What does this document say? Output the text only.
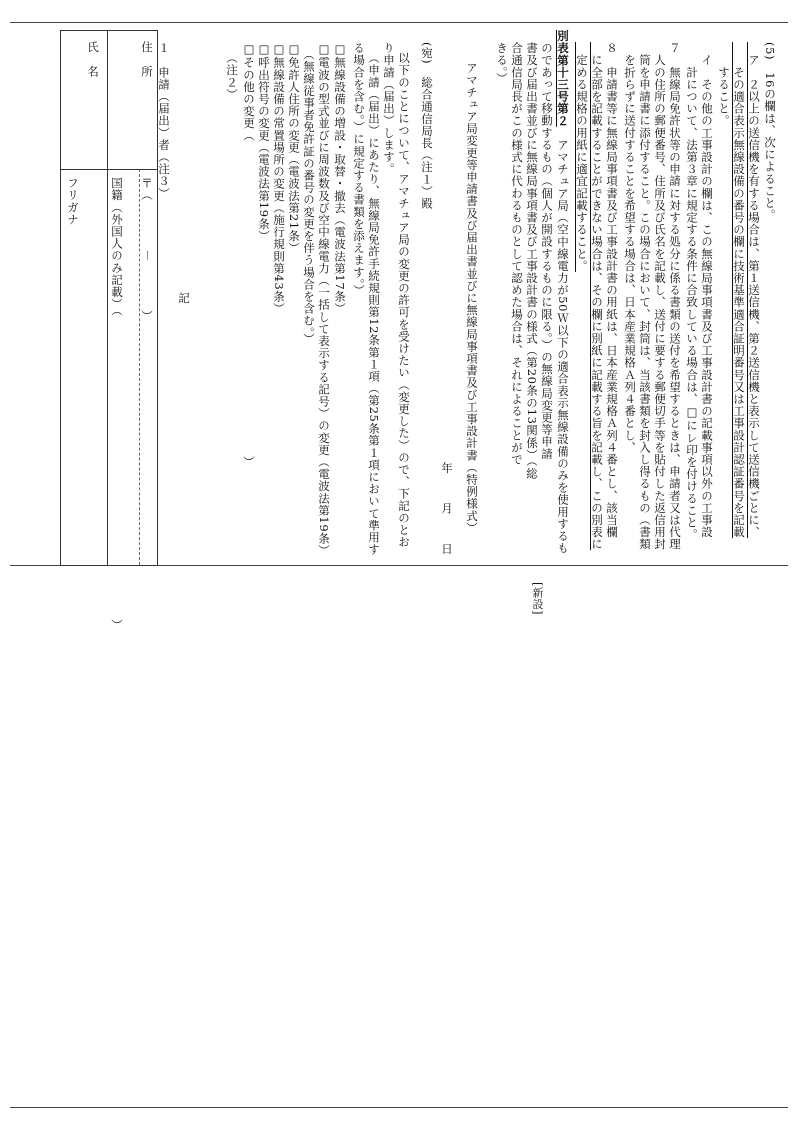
[新設]
(5)　16の欄は、次によること。
　ア　２以上の送信機を有する場合は、第１送信機、第２送信機と表示して送信機ごとに、
　　その適合表示無線設備の番号の欄に技術基準適合証明番号又は工事設計認証番号を記載
　　すること。
　イ　その他の工事設計の欄は、この無線局事項書及び工事設計書の記載事項以外の工事設
　　計について、法第３章に規定する条件に合致している場合は、□にレ印を付けること。
７　無線局免許状等の申請に対する処分に係る書類の送付を希望するときは、申請者又は代理
　人の住所の郵便番号、住所及び氏名を記載し、送付に要する郵便切手等を貼付した返信用封
　筒を申請書に添付すること。この場合において、封筒は、当該書類を封入し得るもの（書類
　を折らずに送付することを希望する場合は、日本産業規格Ａ列４番とし、
８　申請書等に無線局事項書及び工事設計書の用紙は、日本産業規格Ａ列４番とし、該当欄
　に全部を記載することができない場合は、その欄に別紙に記載する旨を記載し、この別表に
　定める規格の用紙に適宜記載すること。
別表第十三号第２　アマチュア局（空中線電力が50Ｗ以下の適合表示無線設備のみを使用するも
のであって移動するもの（個人が開設するものに限る。）の無線局変更等申請
書及び届出書並びに無線局事項書及び工事設計書の様式（第20条の13関係）（総
合通信局長がこの様式に代わるものとして認めた場合は、それによることがで
きる。）
アマチュア局変更等申請書及び届出書並びに無線局事項書及び工事設計書（特例様式）
年　　月　　日
(宛)　総合通信局長（注１）殿
以下のことについて、アマチュア局の変更の許可を受けたい（変更した）ので、下記のとお
り申請（届出）します。
（申請（届出）にあたり、無線局免許手続規則第12条第１項（第25条第１項において準用す
る場合を含む。）に規定する書類を添えます。）
□無線設備の増設・取替・撤去（電波法第17条）
□電波の型式並びに周波数及び空中線電力（一括して表示する記号）の変更（電波法第19条）
　（無線従事者免許証の番号の変更を伴う場合を含む。）
□免許人住所の変更（電波法第21条）
□無線設備の常置場所の変更（施行規則第43条）
□呼出符号の変更（電波法第19条）
□その他の変更（　　　　　　　　　　　　　　　　　　　　　　　　　　）
（注２）
記
１　申請（届出）者（注３）
住　所
〒（　　　　－　　　　）
国籍（外国人のみ記載）（　　　　　　　　　　　　　　　　　　　　　　　　　）
氏　名
フリガナ
